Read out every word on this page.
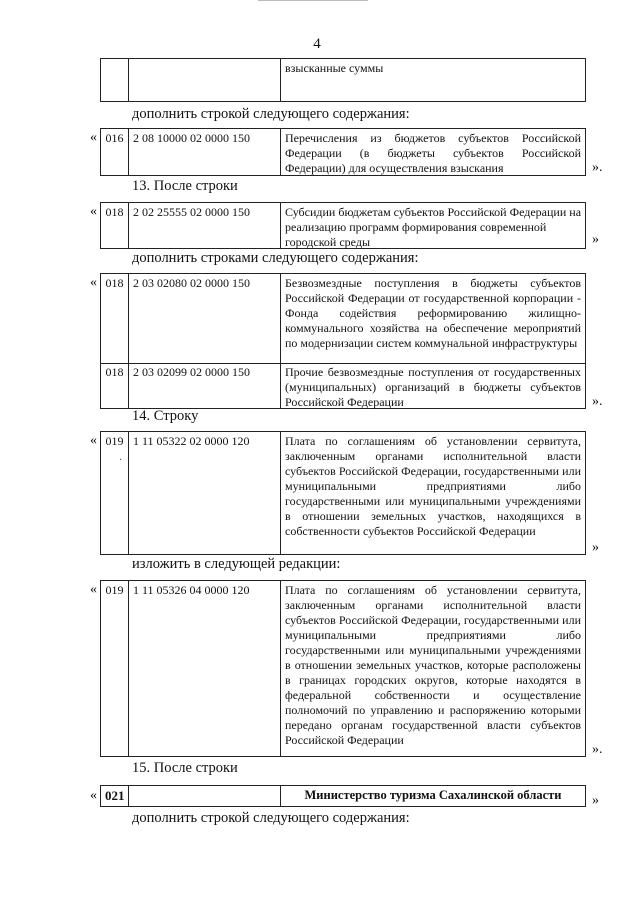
4
взысканные суммы
дополнить строкой следующего содержания:
« 016 2 08 10000 02 0000 150	Перечисления из бюджетов субъектов Российской Федерации (в бюджеты субъектов Российской Федерации) для осуществления взыскания	».
13. После строки
« 018 2 02 25555 02 0000 150	Субсидии бюджетам субъектов Российской Федерации на реализацию программ формирования современной городской среды	»
дополнить строками следующего содержания:
« 018 2 03 02080 02 0000 150	Безвозмездные поступления в бюджеты субъектов Российской Федерации от государственной корпорации - Фонда содействия реформированию жилищно-коммунального хозяйства на обеспечение мероприятий по модернизации систем коммунальной инфраструктуры
018 2 03 02099 02 0000 150	Прочие безвозмездные поступления от государственных (муниципальных) организаций в бюджеты субъектов Российской Федерации	».
14. Строку
« 019 1 11 05322 02 0000 120	Плата по соглашениям об установлении сервитута, заключенным органами исполнительной власти субъектов Российской Федерации, государственными или муниципальными предприятиями либо государственными или муниципальными учреждениями в отношении земельных участков, находящихся в собственности субъектов Российской Федерации
·
»
изложить в следующей редакции:
« 019 1 11 05326 04 0000 120	Плата по соглашениям об установлении сервитута, заключенным органами исполнительной власти субъектов Российской Федерации, государственными или муниципальными предприятиями либо государственными или муниципальными учреждениями в отношении земельных участков, которые расположены в границах городских округов, которые находятся в федеральной собственности и осуществление полномочий по управлению и распоряжению которыми передано органам государственной власти субъектов Российской Федерации
».
15. После строки
« 021	Министерство туризма Сахалинской области	»
дополнить строкой следующего содержания:
